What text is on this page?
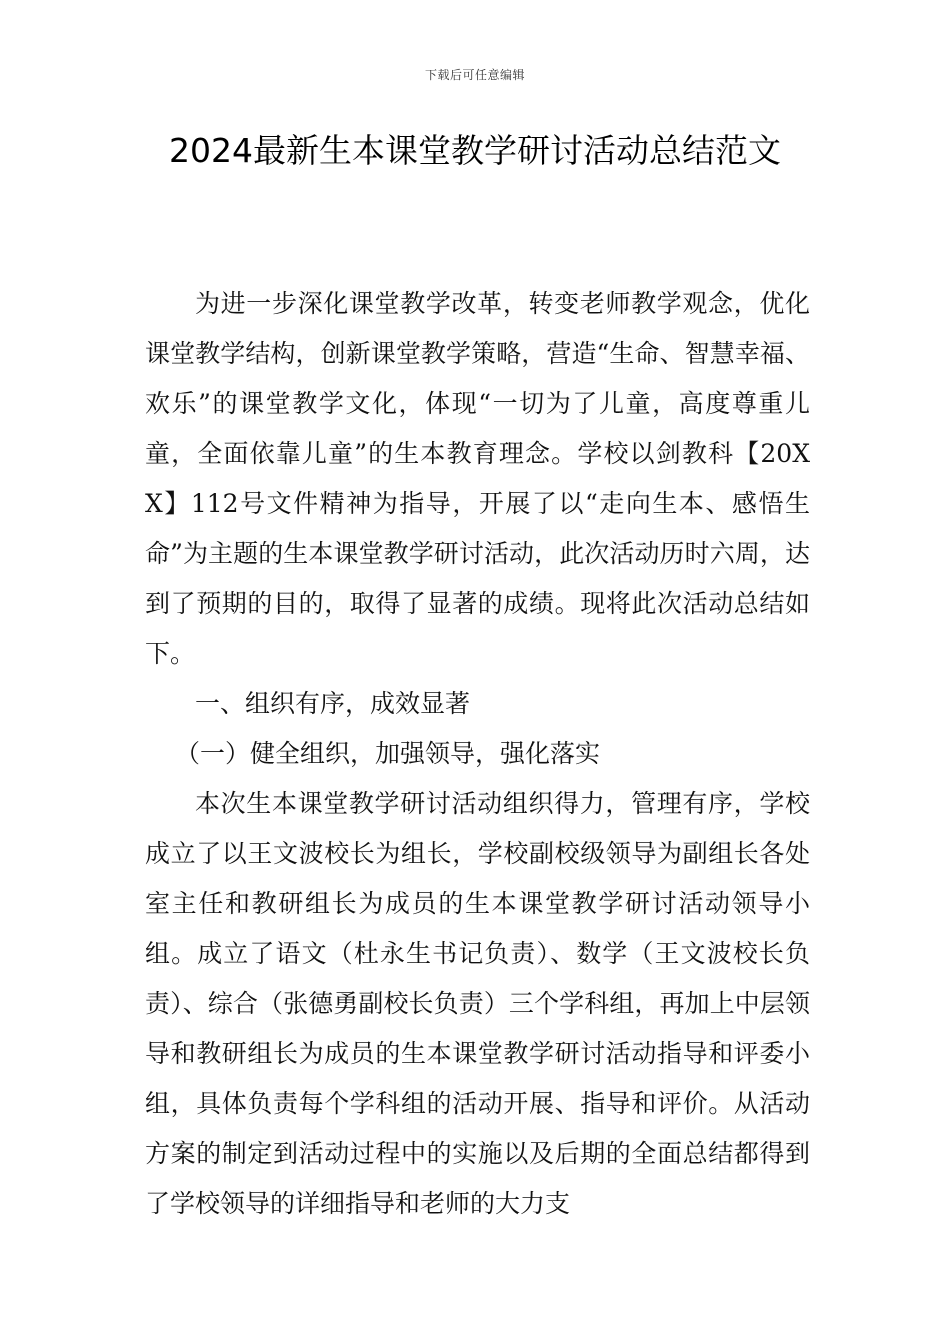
下载后可任意编辑
2024最新生本课堂教学研讨活动总结范文

为进一步深化课堂教学改革，转变老师教学观念，优化课堂教学结构，创新课堂教学策略，营造“生命、智慧幸福、欢乐”的课堂教学文化，体现“一切为了儿童，高度尊重儿童，全面依靠儿童”的生本教育理念。学校以剑教科【20XX】112号文件精神为指导，开展了以“走向生本、感悟生命”为主题的生本课堂教学研讨活动，此次活动历时六周，达到了预期的目的，取得了显著的成绩。现将此次活动总结如下。

一、组织有序，成效显著

（一）健全组织，加强领导，强化落实

本次生本课堂教学研讨活动组织得力，管理有序，学校成立了以王文波校长为组长，学校副校级领导为副组长各处室主任和教研组长为成员的生本课堂教学研讨活动领导小组。成立了语文（杜永生书记负责）、数学（王文波校长负责）、综合（张德勇副校长负责）三个学科组，再加上中层领导和教研组长为成员的生本课堂教学研讨活动指导和评委小组，具体负责每个学科组的活动开展、指导和评价。从活动方案的制定到活动过程中的实施以及后期的全面总结都得到了学校领导的详细指导和老师的大力支
